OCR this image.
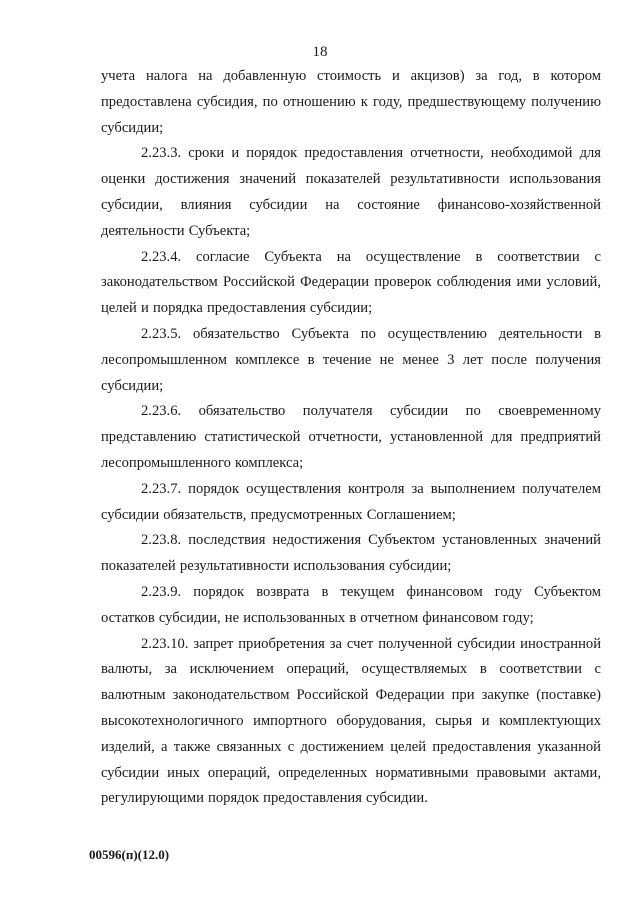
18

учета налога на добавленную стоимость и акцизов) за год, в котором предоставлена субсидия, по отношению к году, предшествующему получению субсидии;

2.23.3. сроки и порядок предоставления отчетности, необходимой для оценки достижения значений показателей результативности использования субсидии, влияния субсидии на состояние финансово-хозяйственной деятельности Субъекта;

2.23.4. согласие Субъекта на осуществление в соответствии с законодательством Российской Федерации проверок соблюдения ими условий, целей и порядка предоставления субсидии;

2.23.5. обязательство Субъекта по осуществлению деятельности в лесопромышленном комплексе в течение не менее 3 лет после получения субсидии;

2.23.6. обязательство получателя субсидии по своевременному представлению статистической отчетности, установленной для предприятий лесопромышленного комплекса;

2.23.7. порядок осуществления контроля за выполнением получателем субсидии обязательств, предусмотренных Соглашением;

2.23.8. последствия недостижения Субъектом установленных значений показателей результативности использования субсидии;

2.23.9. порядок возврата в текущем финансовом году Субъектом остатков субсидии, не использованных в отчетном финансовом году;

2.23.10. запрет приобретения за счет полученной субсидии иностранной валюты, за исключением операций, осуществляемых в соответствии с валютным законодательством Российской Федерации при закупке (поставке) высокотехнологичного импортного оборудования, сырья и комплектующих изделий, а также связанных с достижением целей предоставления указанной субсидии иных операций, определенных нормативными правовыми актами, регулирующими порядок предоставления субсидии.

00596(п)(12.0)
